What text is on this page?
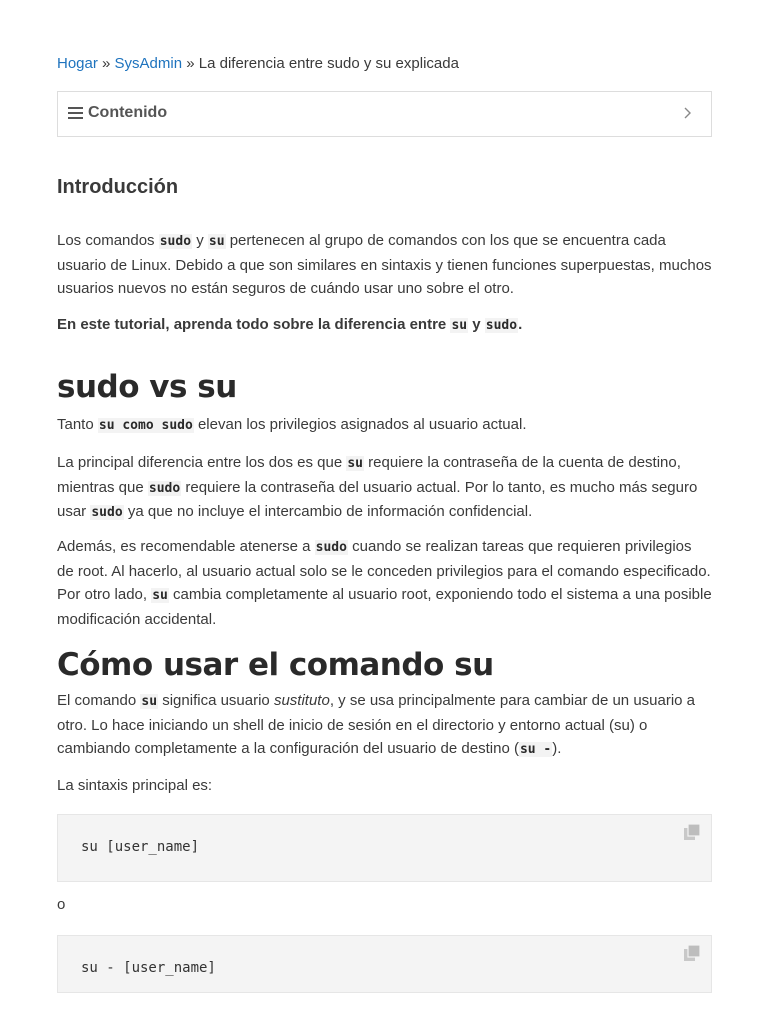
Hogar » SysAdmin » La diferencia entre sudo y su explicada
Contenido
Introducción

Los comandos sudo y su pertenecen al grupo de comandos con los que se encuentra cada usuario de Linux. Debido a que son similares en sintaxis y tienen funciones superpuestas, muchos usuarios nuevos no están seguros de cuándo usar uno sobre el otro.

En este tutorial, aprenda todo sobre la diferencia entre su y sudo.

sudo vs su

Tanto su como sudo elevan los privilegios asignados al usuario actual.

La principal diferencia entre los dos es que su requiere la contraseña de la cuenta de destino, mientras que sudo requiere la contraseña del usuario actual. Por lo tanto, es mucho más seguro usar sudo ya que no incluye el intercambio de información confidencial.

Además, es recomendable atenerse a sudo cuando se realizan tareas que requieren privilegios de root. Al hacerlo, al usuario actual solo se le conceden privilegios para el comando especificado. Por otro lado, su cambia completamente al usuario root, exponiendo todo el sistema a una posible modificación accidental.

Cómo usar el comando su

El comando su significa usuario sustituto, y se usa principalmente para cambiar de un usuario a otro. Lo hace iniciando un shell de inicio de sesión en el directorio y entorno actual (su) o cambiando completamente a la configuración del usuario de destino (su -).

La sintaxis principal es:

su [user_name]
o
su - [user_name]
